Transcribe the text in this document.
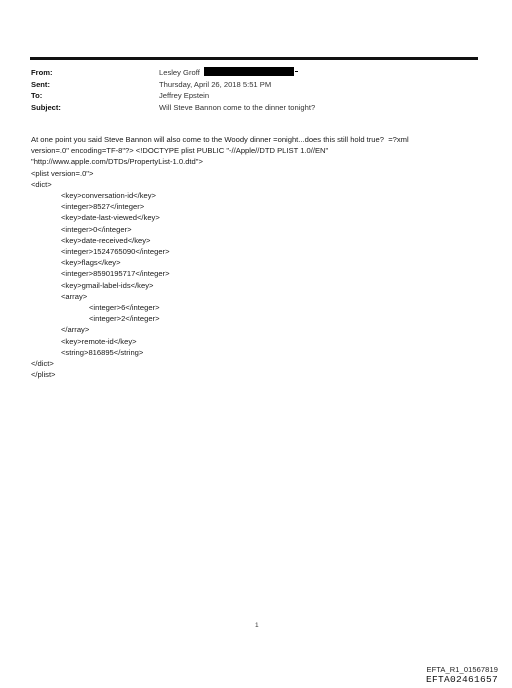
From:	Lesley Groff
Sent:	Thursday, April 26, 2018 5:51 PM
To:	Jeffrey Epstein
Subject:	Will Steve Bannon come to the dinner tonight?

At one point you said Steve Bannon will also come to the Woody dinner =onight...does this still hold true?  =?xml

version=.0" encoding=TF-8"?> <!DOCTYPE plist PUBLIC "-//Apple//DTD PLIST 1.0//EN"

"http://www.apple.com/DTDs/PropertyList-1.0.dtd">

<plist version=.0">

<dict>

<key>conversation-id</key>

<integer>8527</integer>

<key>date-last-viewed</key>

<integer>0</integer>

<key>date-received</key>

<integer>1524765090</integer>

<key>flags</key>

<integer>8590195717</integer>

<key>gmail-label-ids</key>

<array>

<integer>6</integer>

<integer>2</integer>

</array>

<key>remote-id</key>

<string>816895</string>

</dict>

</plist>

1
EFTA_R1_01567819
EFTA02461657
